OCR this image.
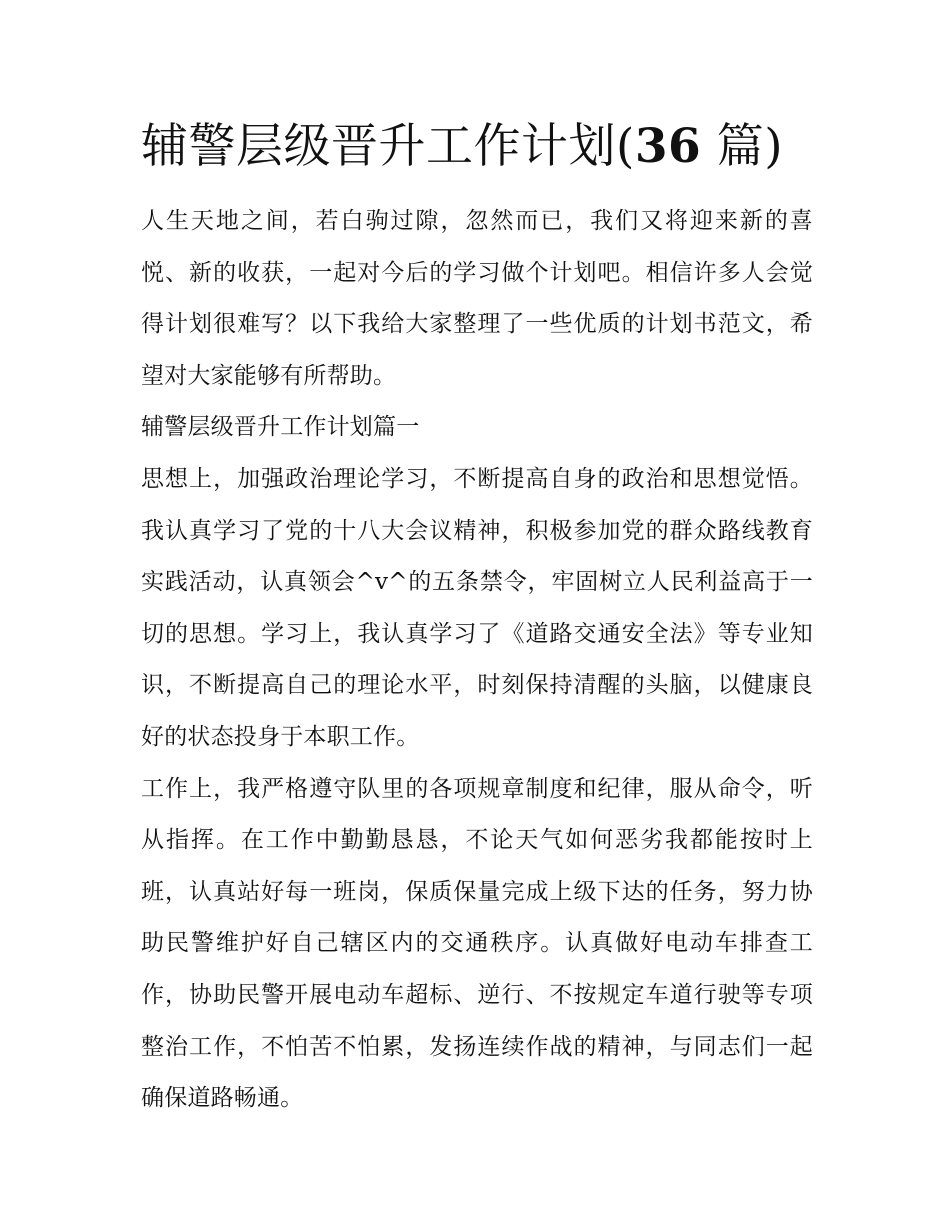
辅警层级晋升工作计划(36 篇)

人生天地之间，若白驹过隙，忽然而已，我们又将迎来新的喜悦、新的收获，一起对今后的学习做个计划吧。相信许多人会觉得计划很难写？以下我给大家整理了一些优质的计划书范文，希望对大家能够有所帮助。

辅警层级晋升工作计划篇一

思想上，加强政治理论学习，不断提高自身的政治和思想觉悟。我认真学习了党的十八大会议精神，积极参加党的群众路线教育实践活动，认真领会^v^的五条禁令，牢固树立人民利益高于一切的思想。学习上，我认真学习了《道路交通安全法》等专业知识，不断提高自己的理论水平，时刻保持清醒的头脑，以健康良好的状态投身于本职工作。

工作上，我严格遵守队里的各项规章制度和纪律，服从命令，听从指挥。在工作中勤勤恳恳，不论天气如何恶劣我都能按时上班，认真站好每一班岗，保质保量完成上级下达的任务，努力协助民警维护好自己辖区内的交通秩序。认真做好电动车排查工作，协助民警开展电动车超标、逆行、不按规定车道行驶等专项整治工作，不怕苦不怕累，发扬连续作战的精神，与同志们一起确保道路畅通。
